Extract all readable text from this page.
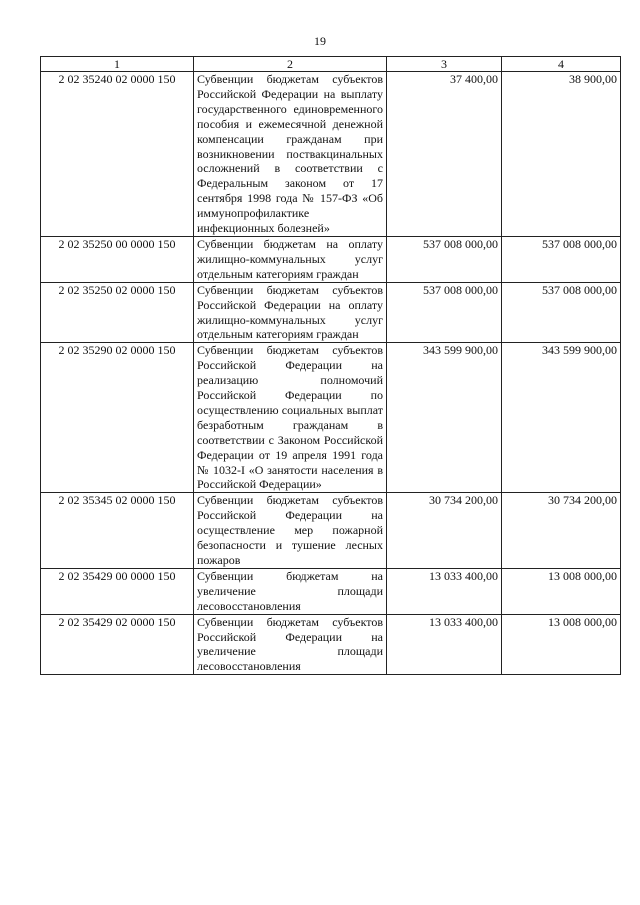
19
1	2	3	4
2 02 35240 02 0000 150	Субвенции бюджетам субъектов Российской Федерации на выплату государственного единовременного пособия и ежемесячной денежной компенсации гражданам при возникновении поствакцинальных осложнений в соответствии с Федеральным законом от 17 сентября 1998 года № 157-ФЗ «Об иммунопрофилактике инфекционных болезней»	37 400,00	38 900,00
2 02 35250 00 0000 150	Субвенции бюджетам на оплату жилищно-коммунальных услуг отдельным категориям граждан	537 008 000,00	537 008 000,00
2 02 35250 02 0000 150	Субвенции бюджетам субъектов Российской Федерации на оплату жилищно-коммунальных услуг отдельным категориям граждан	537 008 000,00	537 008 000,00
2 02 35290 02 0000 150	Субвенции бюджетам субъектов Российской Федерации на реализацию полномочий Российской Федерации по осуществлению социальных выплат безработным гражданам в соответствии с Законом Российской Федерации от 19 апреля 1991 года № 1032-I «О занятости населения в Российской Федерации»	343 599 900,00	343 599 900,00
2 02 35345 02 0000 150	Субвенции бюджетам субъектов Российской Федерации на осуществление мер пожарной безопасности и тушение лесных пожаров	30 734 200,00	30 734 200,00
2 02 35429 00 0000 150	Субвенции бюджетам на увеличение площади лесовосстановления	13 033 400,00	13 008 000,00
2 02 35429 02 0000 150	Субвенции бюджетам субъектов Российской Федерации на увеличение площади лесовосстановления	13 033 400,00	13 008 000,00
